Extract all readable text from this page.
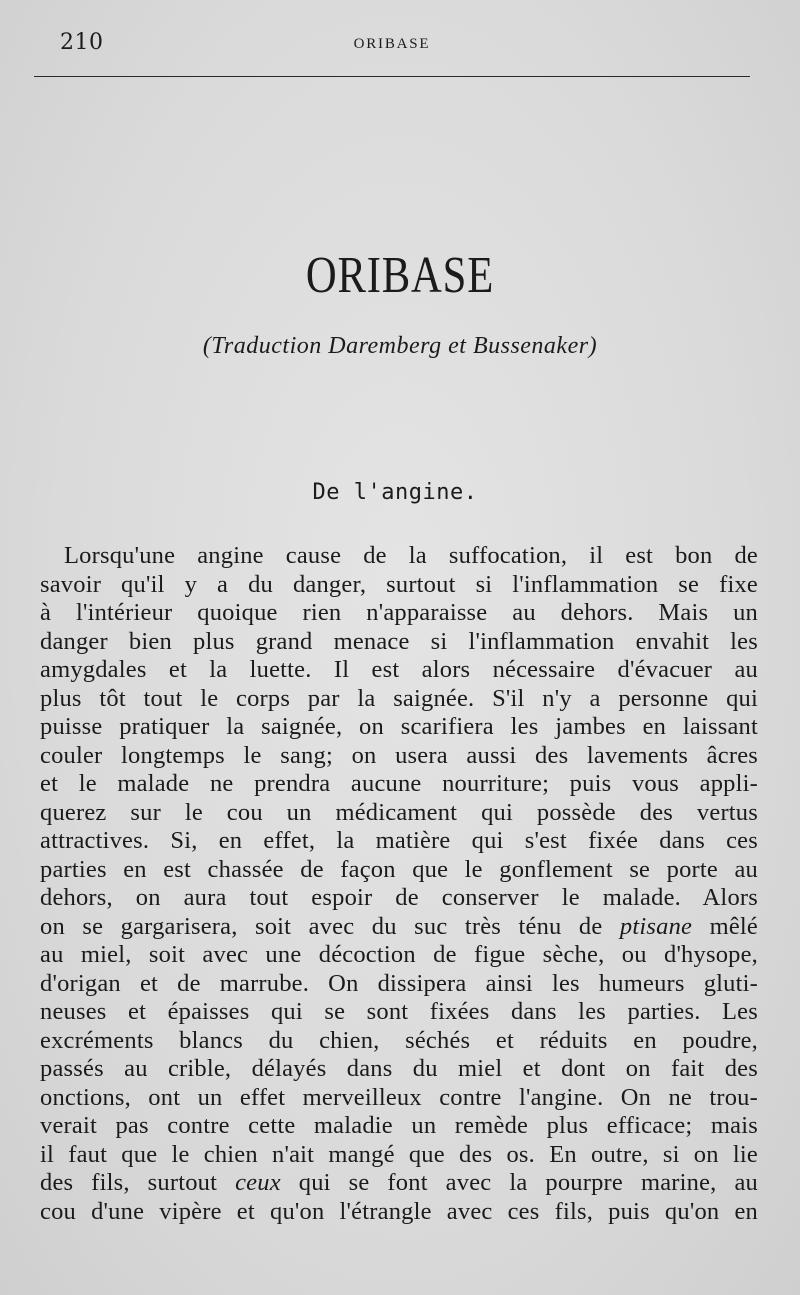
210	ORIBASE
ORIBASE
(Traduction Daremberg et Bussenaker)
De l'angine.
Lorsqu'une angine cause de la suffocation, il est bon de
savoir qu'il y a du danger, surtout si l'inflammation se fixe
à l'intérieur quoique rien n'apparaisse au dehors. Mais un
danger bien plus grand menace si l'inflammation envahit les
amygdales et la luette. Il est alors nécessaire d'évacuer au
plus tôt tout le corps par la saignée. S'il n'y a personne qui
puisse pratiquer la saignée, on scarifiera les jambes en laissant
couler longtemps le sang; on usera aussi des lavements âcres
et le malade ne prendra aucune nourriture; puis vous appli-
querez sur le cou un médicament qui possède des vertus
attractives. Si, en effet, la matière qui s'est fixée dans ces
parties en est chassée de façon que le gonflement se porte au
dehors, on aura tout espoir de conserver le malade. Alors
on se gargarisera, soit avec du suc très ténu de ptisane mêlé
au miel, soit avec une décoction de figue sèche, ou d'hysope,
d'origan et de marrube. On dissipera ainsi les humeurs gluti-
neuses et épaisses qui se sont fixées dans les parties. Les
excréments blancs du chien, séchés et réduits en poudre,
passés au crible, délayés dans du miel et dont on fait des
onctions, ont un effet merveilleux contre l'angine. On ne trou-
verait pas contre cette maladie un remède plus efficace; mais
il faut que le chien n'ait mangé que des os. En outre, si on lie
des fils, surtout ceux qui se font avec la pourpre marine, au
cou d'une vipère et qu'on l'étrangle avec ces fils, puis qu'on en
